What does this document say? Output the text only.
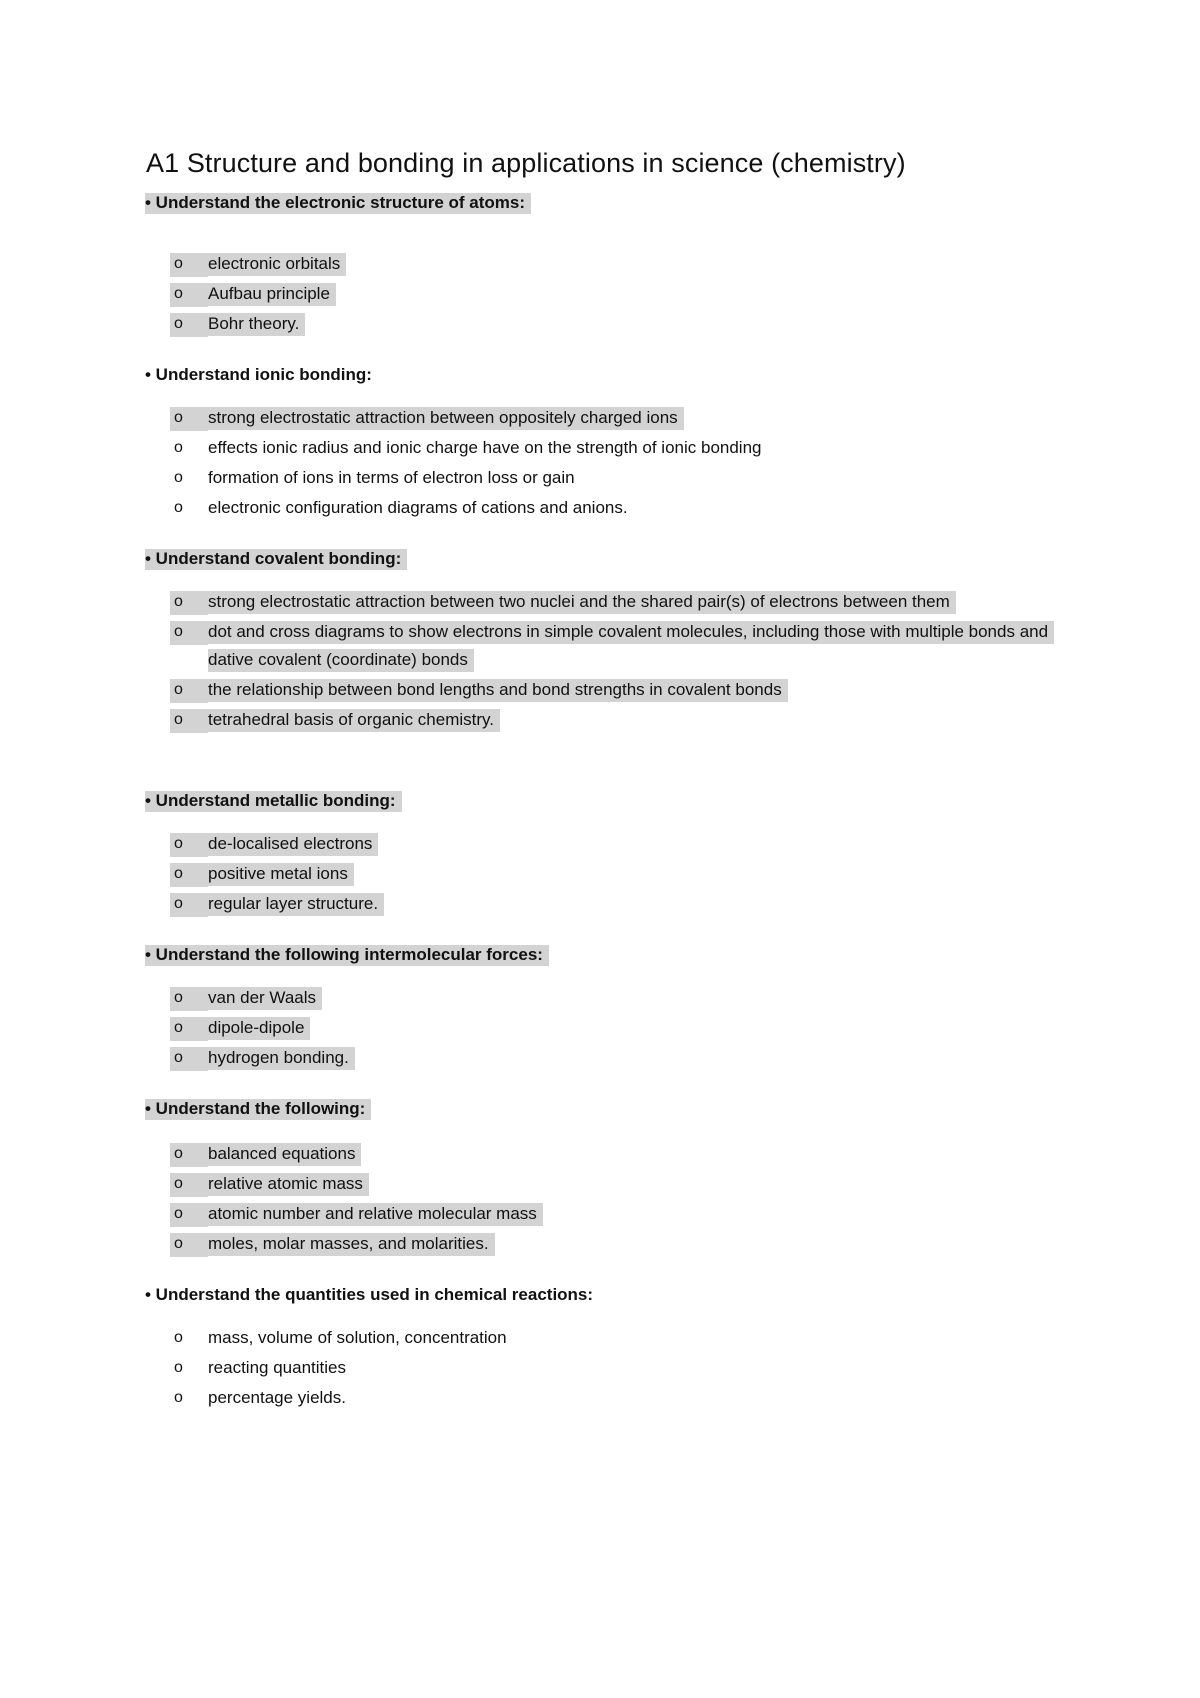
A1 Structure and bonding in applications in science (chemistry)
• Understand the electronic structure of atoms:
o	electronic orbitals
o	Aufbau principle
o	Bohr theory.
• Understand ionic bonding:
o	strong electrostatic attraction between oppositely charged ions
o	effects ionic radius and ionic charge have on the strength of ionic bonding
o	formation of ions in terms of electron loss or gain
o	electronic configuration diagrams of cations and anions.
• Understand covalent bonding:
o	strong electrostatic attraction between two nuclei and the shared pair(s) of electrons between them
o	dot and cross diagrams to show electrons in simple covalent molecules, including those with multiple bonds and dative covalent (coordinate) bonds
o	the relationship between bond lengths and bond strengths in covalent bonds
o	tetrahedral basis of organic chemistry.
• Understand metallic bonding:
o	de-localised electrons
o	positive metal ions
o	regular layer structure.
• Understand the following intermolecular forces:
o	van der Waals
o	dipole-dipole
o	hydrogen bonding.
• Understand the following:
o	balanced equations
o	relative atomic mass
o	atomic number and relative molecular mass
o	moles, molar masses, and molarities.
• Understand the quantities used in chemical reactions:
o	mass, volume of solution, concentration
o	reacting quantities
o	percentage yields.
